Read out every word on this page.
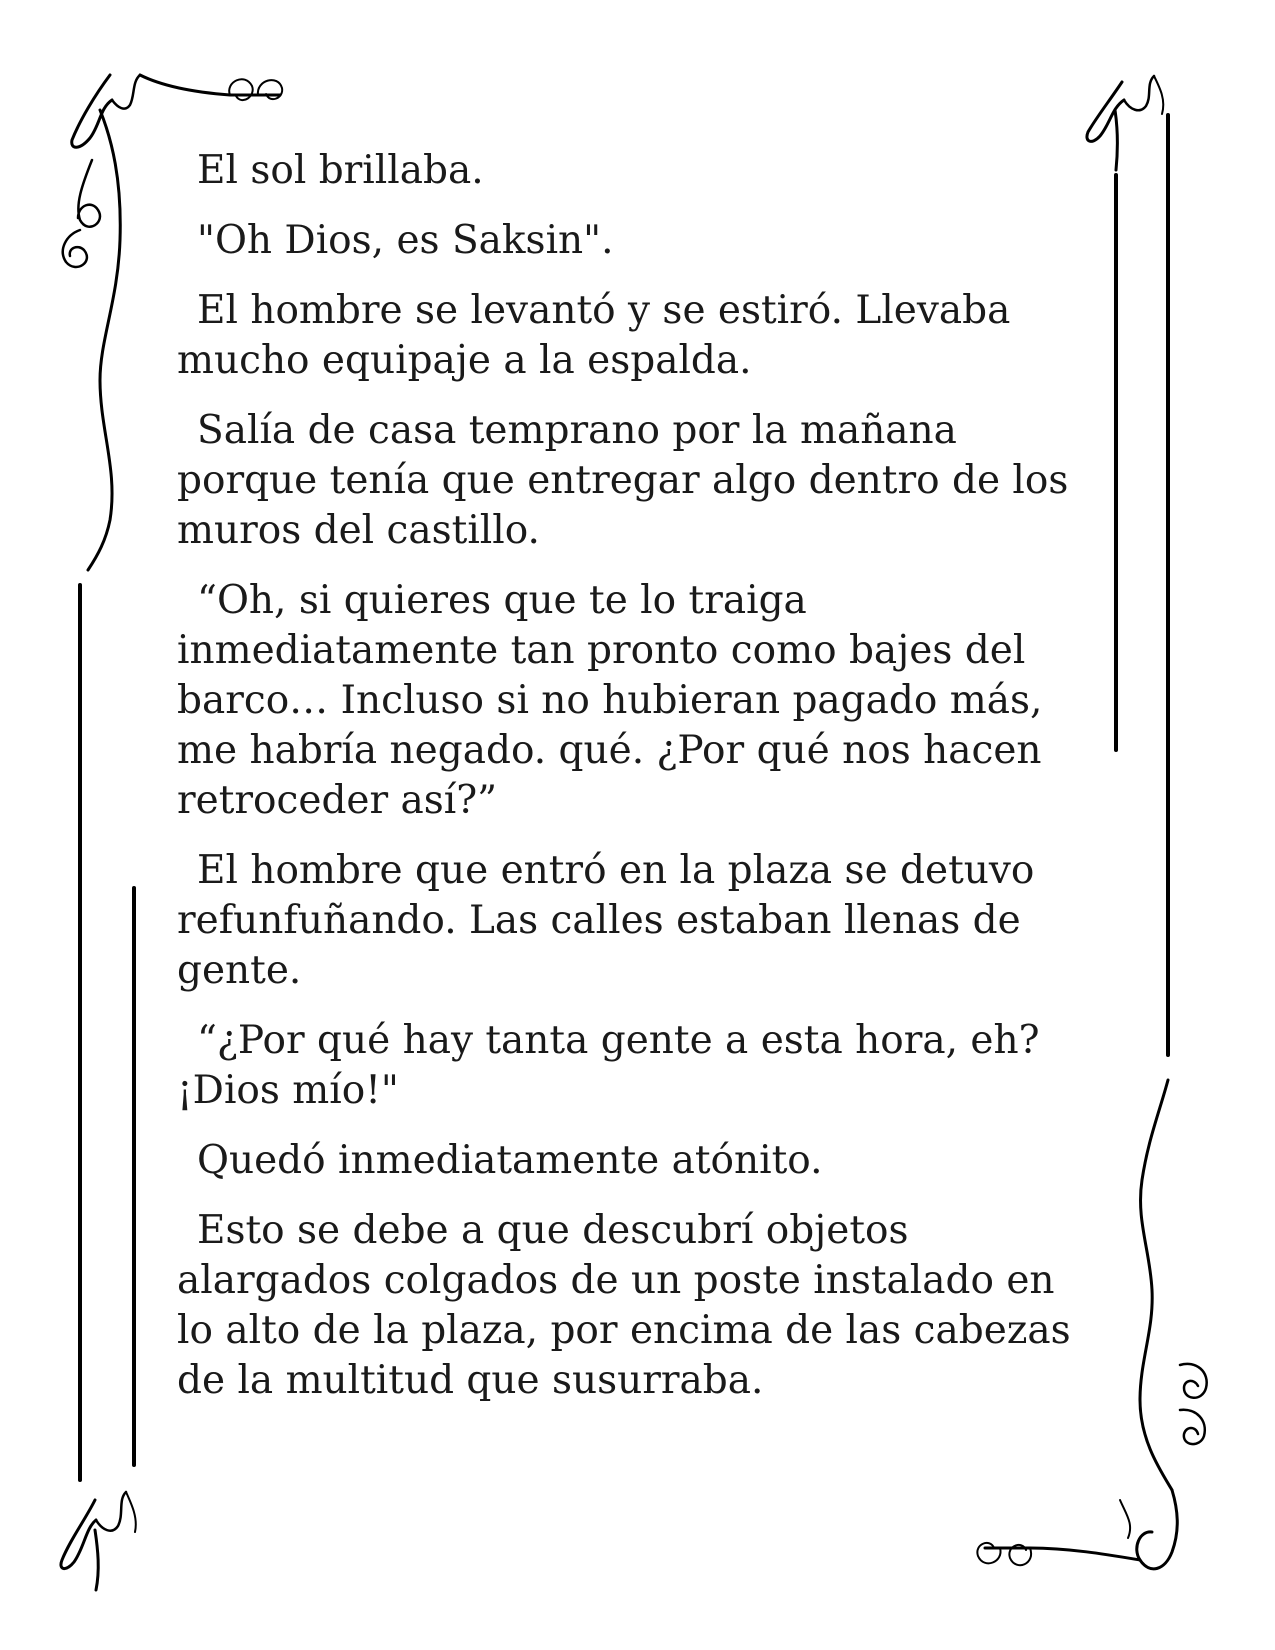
El sol brillaba.

"Oh Dios, es Saksin".

El hombre se levantó y se estiró. Llevaba mucho equipaje a la espalda.

Salía de casa temprano por la mañana porque tenía que entregar algo dentro de los muros del castillo.

“Oh, si quieres que te lo traiga inmediatamente tan pronto como bajes del barco… Incluso si no hubieran pagado más, me habría negado. qué. ¿Por qué nos hacen retroceder así?”

El hombre que entró en la plaza se detuvo refunfuñando. Las calles estaban llenas de gente.

“¿Por qué hay tanta gente a esta hora, eh? ¡Dios mío!"

Quedó inmediatamente atónito.

Esto se debe a que descubrí objetos alargados colgados de un poste instalado en lo alto de la plaza, por encima de las cabezas de la multitud que susurraba.
